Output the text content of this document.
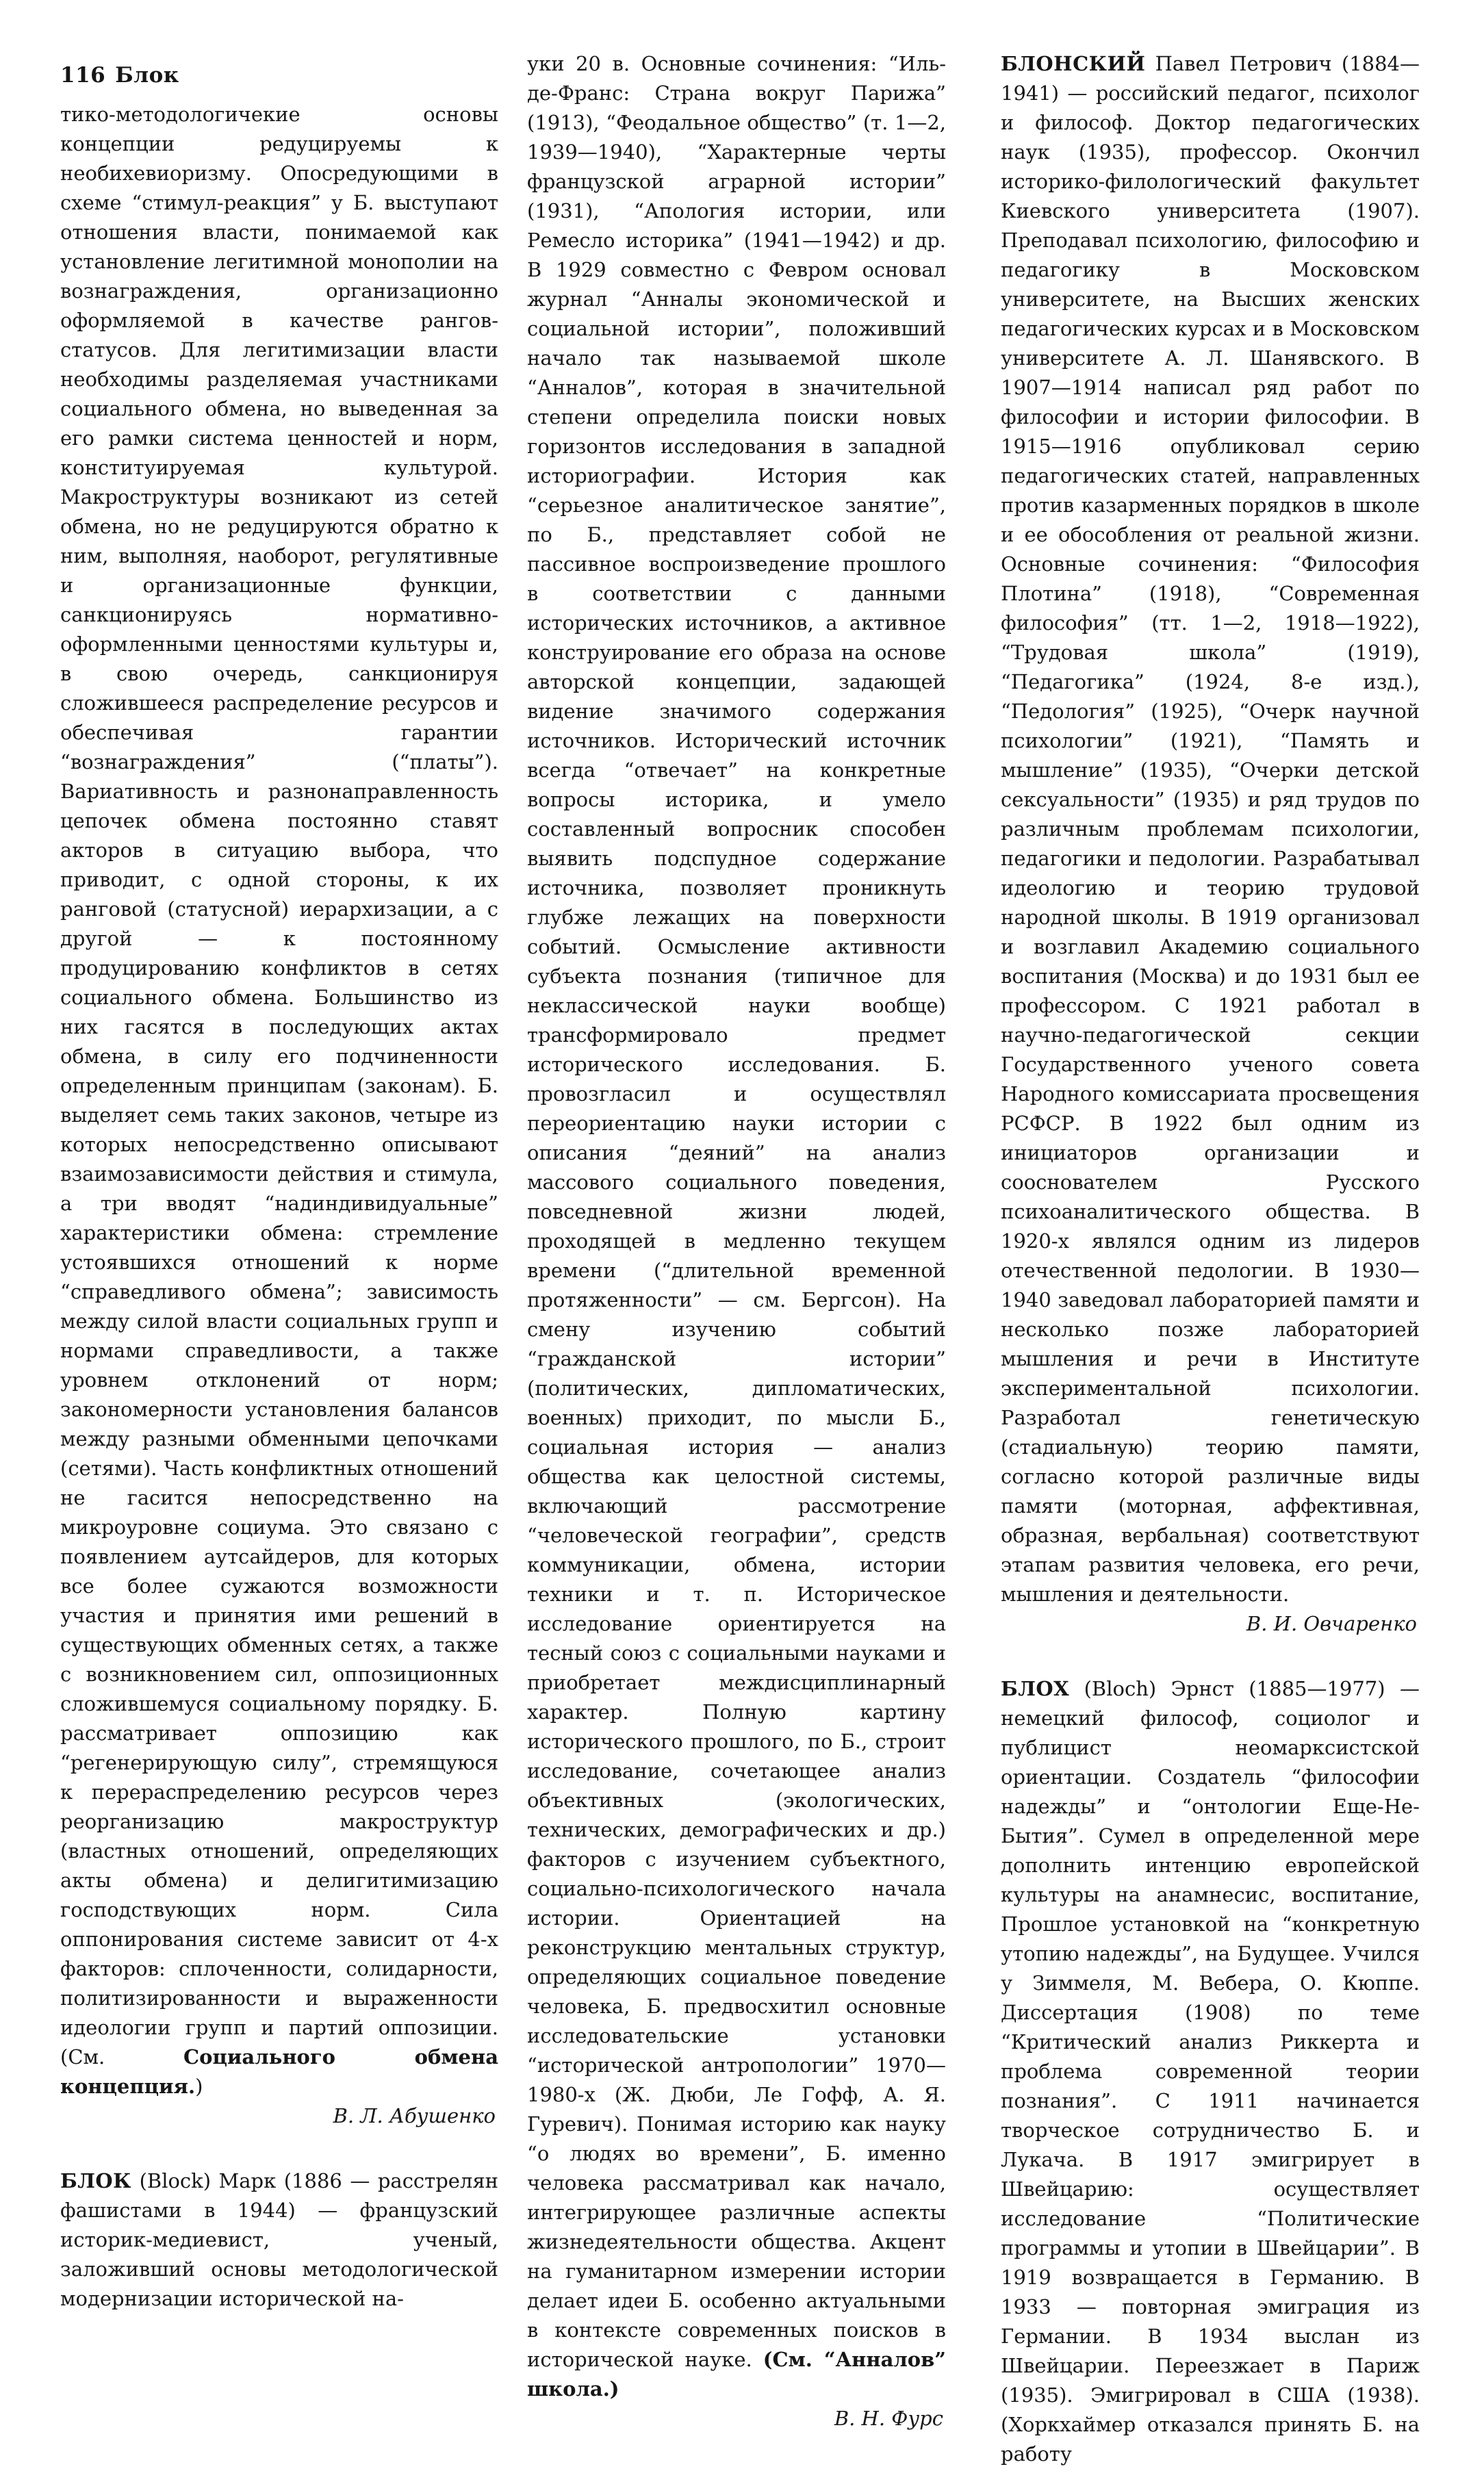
116 Блок

тико-методологичекие основы концепции редуцируемы к необихевиоризму. Опосредующими в схеме “стимул-реакция” у Б. выступают отношения власти, понимаемой как установление легитимной монополии на вознаграждения, организационно оформляемой в качестве рангов-статусов. Для легитимизации власти необходимы разделяемая участниками социального обмена, но выведенная за его рамки система ценностей и норм, конституируемая культурой. Макроструктуры возникают из сетей обмена, но не редуцируются обратно к ним, выполняя, наоборот, регулятивные и организационные функции, санкционируясь нормативно-оформленными ценностями культуры и, в свою очередь, санкционируя сложившееся распределение ресурсов и обеспечивая гарантии “вознаграждения” (“платы”). Вариативность и разнонаправленность цепочек обмена постоянно ставят акторов в ситуацию выбора, что приводит, с одной стороны, к их ранговой (статусной) иерархизации, а с другой — к постоянному продуцированию конфликтов в сетях социального обмена. Большинство из них гасятся в последующих актах обмена, в силу его подчиненности определенным принципам (законам). Б. выделяет семь таких законов, четыре из которых непосредственно описывают взаимозависимости действия и стимула, а три вводят “надиндивидуальные” характеристики обмена: стремление устоявшихся отношений к норме “справедливого обмена”; зависимость между силой власти социальных групп и нормами справедливости, а также уровнем отклонений от норм; закономерности установления балансов между разными обменными цепочками (сетями). Часть конфликтных отношений не гасится непосредственно на микроуровне социума. Это связано с появлением аутсайдеров, для которых все более сужаются возможности участия и принятия ими решений в существующих обменных сетях, а также с возникновением сил, оппозиционных сложившемуся социальному порядку. Б. рассматривает оппозицию как “регенерирующую силу”, стремящуюся к перераспределению ресурсов через реорганизацию макроструктур (властных отношений, определяющих акты обмена) и делигитимизацию господствующих норм. Сила оппонирования системе зависит от 4-х факторов: сплоченности, солидарности, политизированности и выраженности идеологии групп и партий оппозиции. (См. Социального обмена концепция.)

В. Л. Абушенко

БЛОК (Block) Марк (1886 — расстрелян фашистами в 1944) — французский историк-медиевист, ученый, заложивший основы методологической модернизации исторической на-

уки 20 в. Основные сочинения: “Иль-де-Франс: Страна вокруг Парижа” (1913), “Феодальное общество” (т. 1—2, 1939—1940), “Характерные черты французской аграрной истории” (1931), “Апология истории, или Ремесло историка” (1941—1942) и др. В 1929 совместно с Февром основал журнал “Анналы экономической и социальной истории”, положивший начало так называемой школе “Анналов”, которая в значительной степени определила поиски новых горизонтов исследования в западной историографии. История как “серьезное аналитическое занятие”, по Б., представляет собой не пассивное воспроизведение прошлого в соответствии с данными исторических источников, а активное конструирование его образа на основе авторской концепции, задающей видение значимого содержания источников. Исторический источник всегда “отвечает” на конкретные вопросы историка, и умело составленный вопросник способен выявить подспудное содержание источника, позволяет проникнуть глубже лежащих на поверхности событий. Осмысление активности субъекта познания (типичное для неклассической науки вообще) трансформировало предмет исторического исследования. Б. провозгласил и осуществлял переориентацию науки истории с описания “деяний” на анализ массового социального поведения, повседневной жизни людей, проходящей в медленно текущем времени (“длительной временной протяженности” — см. Бергсон). На смену изучению событий “гражданской истории” (политических, дипломатических, военных) приходит, по мысли Б., социальная история — анализ общества как целостной системы, включающий рассмотрение “человеческой географии”, средств коммуникации, обмена, истории техники и т. п. Историческое исследование ориентируется на тесный союз с социальными науками и приобретает междисциплинарный характер. Полную картину исторического прошлого, по Б., строит исследование, сочетающее анализ объективных (экологических, технических, демографических и др.) факторов с изучением субъектного, социально-психологического начала истории. Ориентацией на реконструкцию ментальных структур, определяющих социальное поведение человека, Б. предвосхитил основные исследовательские установки “исторической антропологии” 1970—1980-х (Ж. Дюби, Ле Гофф, А. Я. Гуревич). Понимая историю как науку “о людях во времени”, Б. именно человека рассматривал как начало, интегрирующее различные аспекты жизнедеятельности общества. Акцент на гуманитарном измерении истории делает идеи Б. особенно актуальными в контексте современных поисков в исторической науке. (См. “Анналов” школа.)

В. Н. Фурс

БЛОНСКИЙ Павел Петрович (1884—1941) — российский педагог, психолог и философ. Доктор педагогических наук (1935), профессор. Окончил историко-филологический факультет Киевского университета (1907). Преподавал психологию, философию и педагогику в Московском университете, на Высших женских педагогических курсах и в Московском университете А. Л. Шанявского. В 1907—1914 написал ряд работ по философии и истории философии. В 1915—1916 опубликовал серию педагогических статей, направленных против казарменных порядков в школе и ее обособления от реальной жизни. Основные сочинения: “Философия Плотина” (1918), “Современная философия” (тт. 1—2, 1918—1922), “Трудовая школа” (1919), “Педагогика” (1924, 8-е изд.), “Педология” (1925), “Очерк научной психологии” (1921), “Память и мышление” (1935), “Очерки детской сексуальности” (1935) и ряд трудов по различным проблемам психологии, педагогики и педологии. Разрабатывал идеологию и теорию трудовой народной школы. В 1919 организовал и возглавил Академию социального воспитания (Москва) и до 1931 был ее профессором. С 1921 работал в научно-педагогической секции Государственного ученого совета Народного комиссариата просвещения РСФСР. В 1922 был одним из инициаторов организации и сооснователем Русского психоаналитического общества. В 1920-х являлся одним из лидеров отечественной педологии. В 1930—1940 заведовал лабораторией памяти и несколько позже лабораторией мышления и речи в Институте экспериментальной психологии. Разработал генетическую (стадиальную) теорию памяти, согласно которой различные виды памяти (моторная, аффективная, образная, вербальная) соответствуют этапам развития человека, его речи, мышления и деятельности.

В. И. Овчаренко

БЛОХ (Bloch) Эрнст (1885—1977) — немецкий философ, социолог и публицист неомарксистской ориентации. Создатель “философии надежды” и “онтологии Еще-Не-Бытия”. Сумел в определенной мере дополнить интенцию европейской культуры на анамнесис, воспитание, Прошлое установкой на “конкретную утопию надежды”, на Будущее. Учился у Зиммеля, М. Вебера, О. Кюппе. Диссертация (1908) по теме “Критический анализ Риккерта и проблема современной теории познания”. С 1911 начинается творческое сотрудничество Б. и Лукача. В 1917 эмигрирует в Швейцарию: осуществляет исследование “Политические программы и утопии в Швейцарии”. В 1919 возвращается в Германию. В 1933 — повторная эмиграция из Германии. В 1934 выслан из Швейцарии. Переезжает в Париж (1935). Эмигрировал в США (1938). (Хоркхаймер отказался принять Б. на работу
